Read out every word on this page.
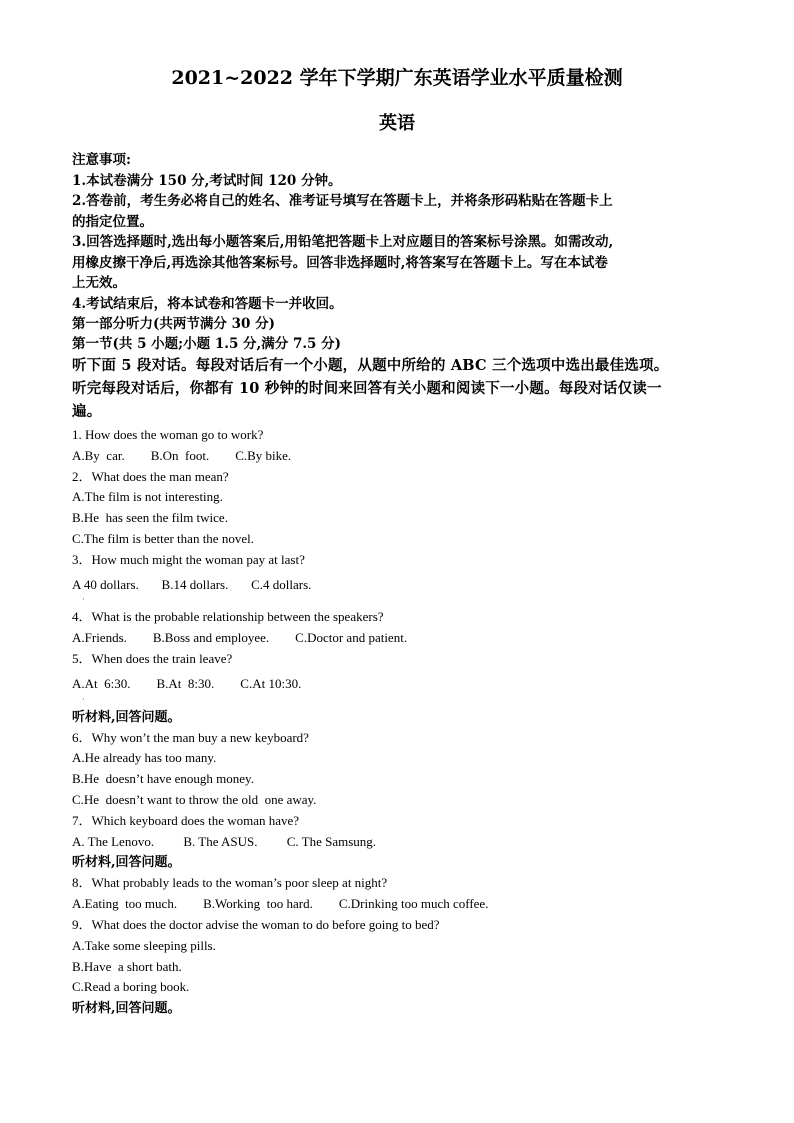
2021~2022 学年下学期广东英语学业水平质量检测
英语
注意事项:
1.本试卷满分 150 分,考试时间 120 分钟。
2.答卷前，考生务必将自己的姓名、准考证号填写在答题卡上，并将条形码粘贴在答题卡上
的指定位置。
3.回答选择题时,选出每小题答案后,用铅笔把答题卡上对应题目的答案标号涂黑。如需改动,
用橡皮擦干净后,再选涂其他答案标号。回答非选择题时,将答案写在答题卡上。写在本试卷
上无效。
4.考试结束后，将本试卷和答题卡一并收回。
第一部分听力(共两节满分 30 分)
第一节(共 5 小题;小题 1.5 分,满分 7.5 分)
听下面 5 段对话。每段对话后有一个小题，从题中所给的 ABC 三个选项中选出最佳选项。
听完每段对话后，你都有 10 秒钟的时间来回答有关小题和阅读下一小题。每段对话仅读一
遍。
1. How does the woman go to work?
A.By  car.        B.On  foot.        C.By bike.
2．What does the man mean?
A.The film is not interesting.
B.He  has seen the film twice.
C.The film is better than the novel.
3．How much might the woman pay at last?
A 40 dollars.       B.14 dollars.       C.4 dollars.
·
4．What is the probable relationship between the speakers?
A.Friends.        B.Boss and employee.        C.Doctor and patient.
5．When does the train leave?
A.At  6:30.        B.At  8:30.        C.At 10:30.
·
听材料,回答问题。
6．Why won’t the man buy a new keyboard?
A.He already has too many.
B.He  doesn’t have enough money.
C.He  doesn’t want to throw the old  one away.
7．Which keyboard does the woman have?
A. The Lenovo.         B. The ASUS.         C. The Samsung.
听材料,回答问题。
8．What probably leads to the woman’s poor sleep at night?
A.Eating  too much.        B.Working  too hard.        C.Drinking too much coffee.
9．What does the doctor advise the woman to do before going to bed?
A.Take some sleeping pills.
B.Have  a short bath.
C.Read a boring book.
听材料,回答问题。
